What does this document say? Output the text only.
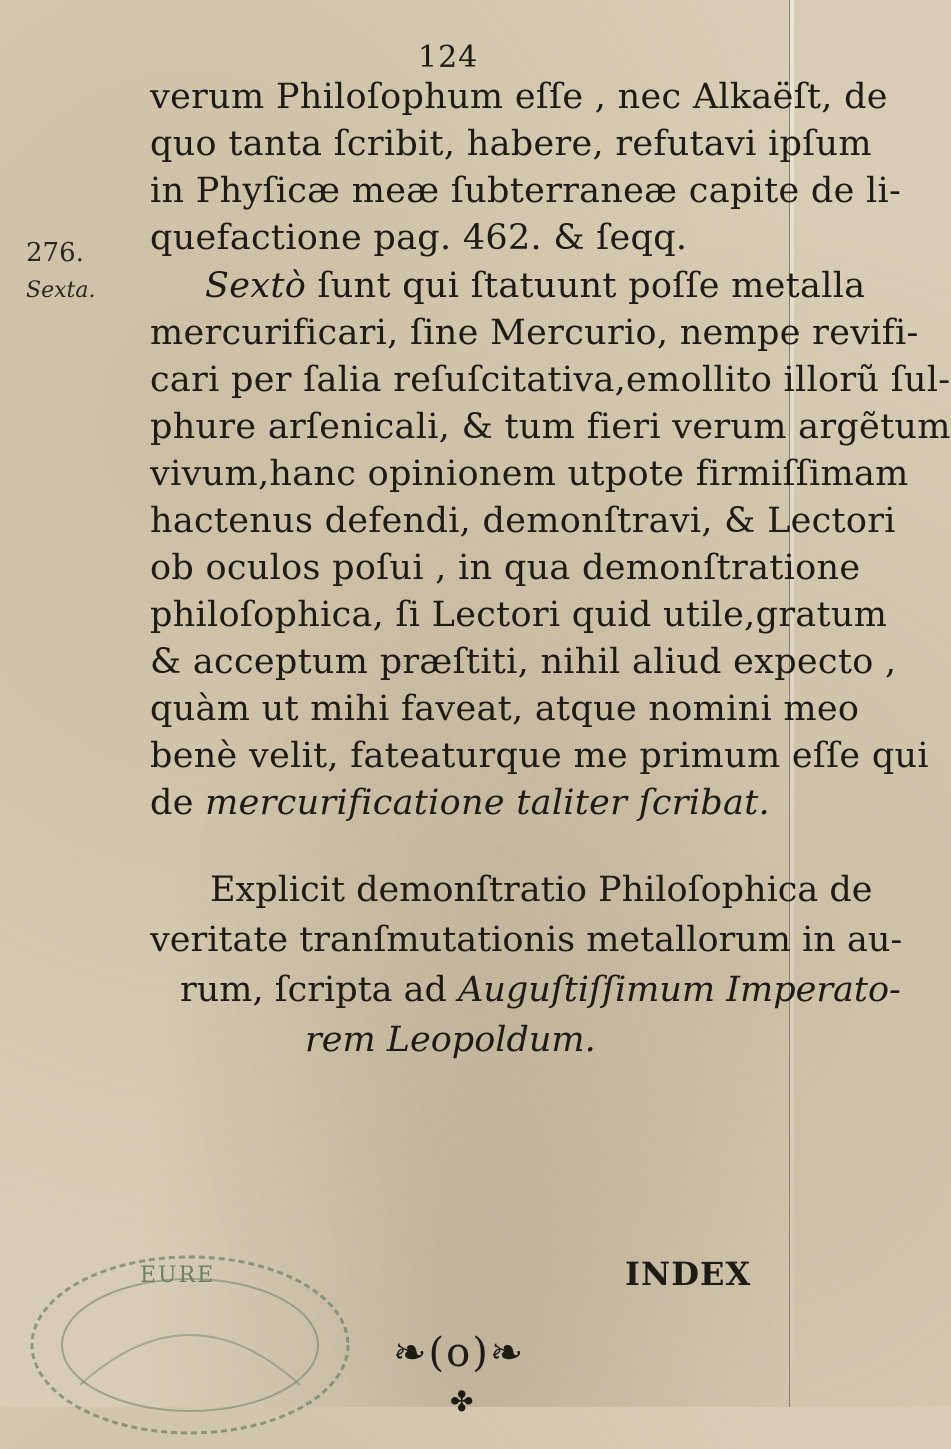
124
276.
Sexta.
verum Philoſophum eſſe , nec Alkaëſt, de
quo tanta ſcribit, habere, refutavi ipſum
in Phyſicæ meæ ſubterraneæ capite de li-
quefactione pag. 462. & ſeqq.
Sextò ſunt qui ſtatuunt poſſe metalla
mercurificari, ſine Mercurio, nempe revifi-
cari per ſalia reſuſcitativa,emollito illorũ ſul-
phure arſenicali, & tum fieri verum argẽtum
vivum,hanc opinionem utpote firmiſſimam
hactenus defendi, demonſtravi, & Lectori
ob oculos poſui , in qua demonſtratione
philoſophica, ſi Lectori quid utile,gratum
& acceptum præſtiti, nihil aliud expecto ,
quàm ut mihi faveat, atque nomini meo
benè velit, fateaturque me primum eſſe qui
de mercurificatione taliter ſcribat.
Explicit demonſtratio Philoſophica de
veritate tranſmutationis metallorum in au-
rum, ſcripta ad Auguſtiſſimum Imperato-
rem Leopoldum.
EURE
❧(o)❧
✤
INDEX
